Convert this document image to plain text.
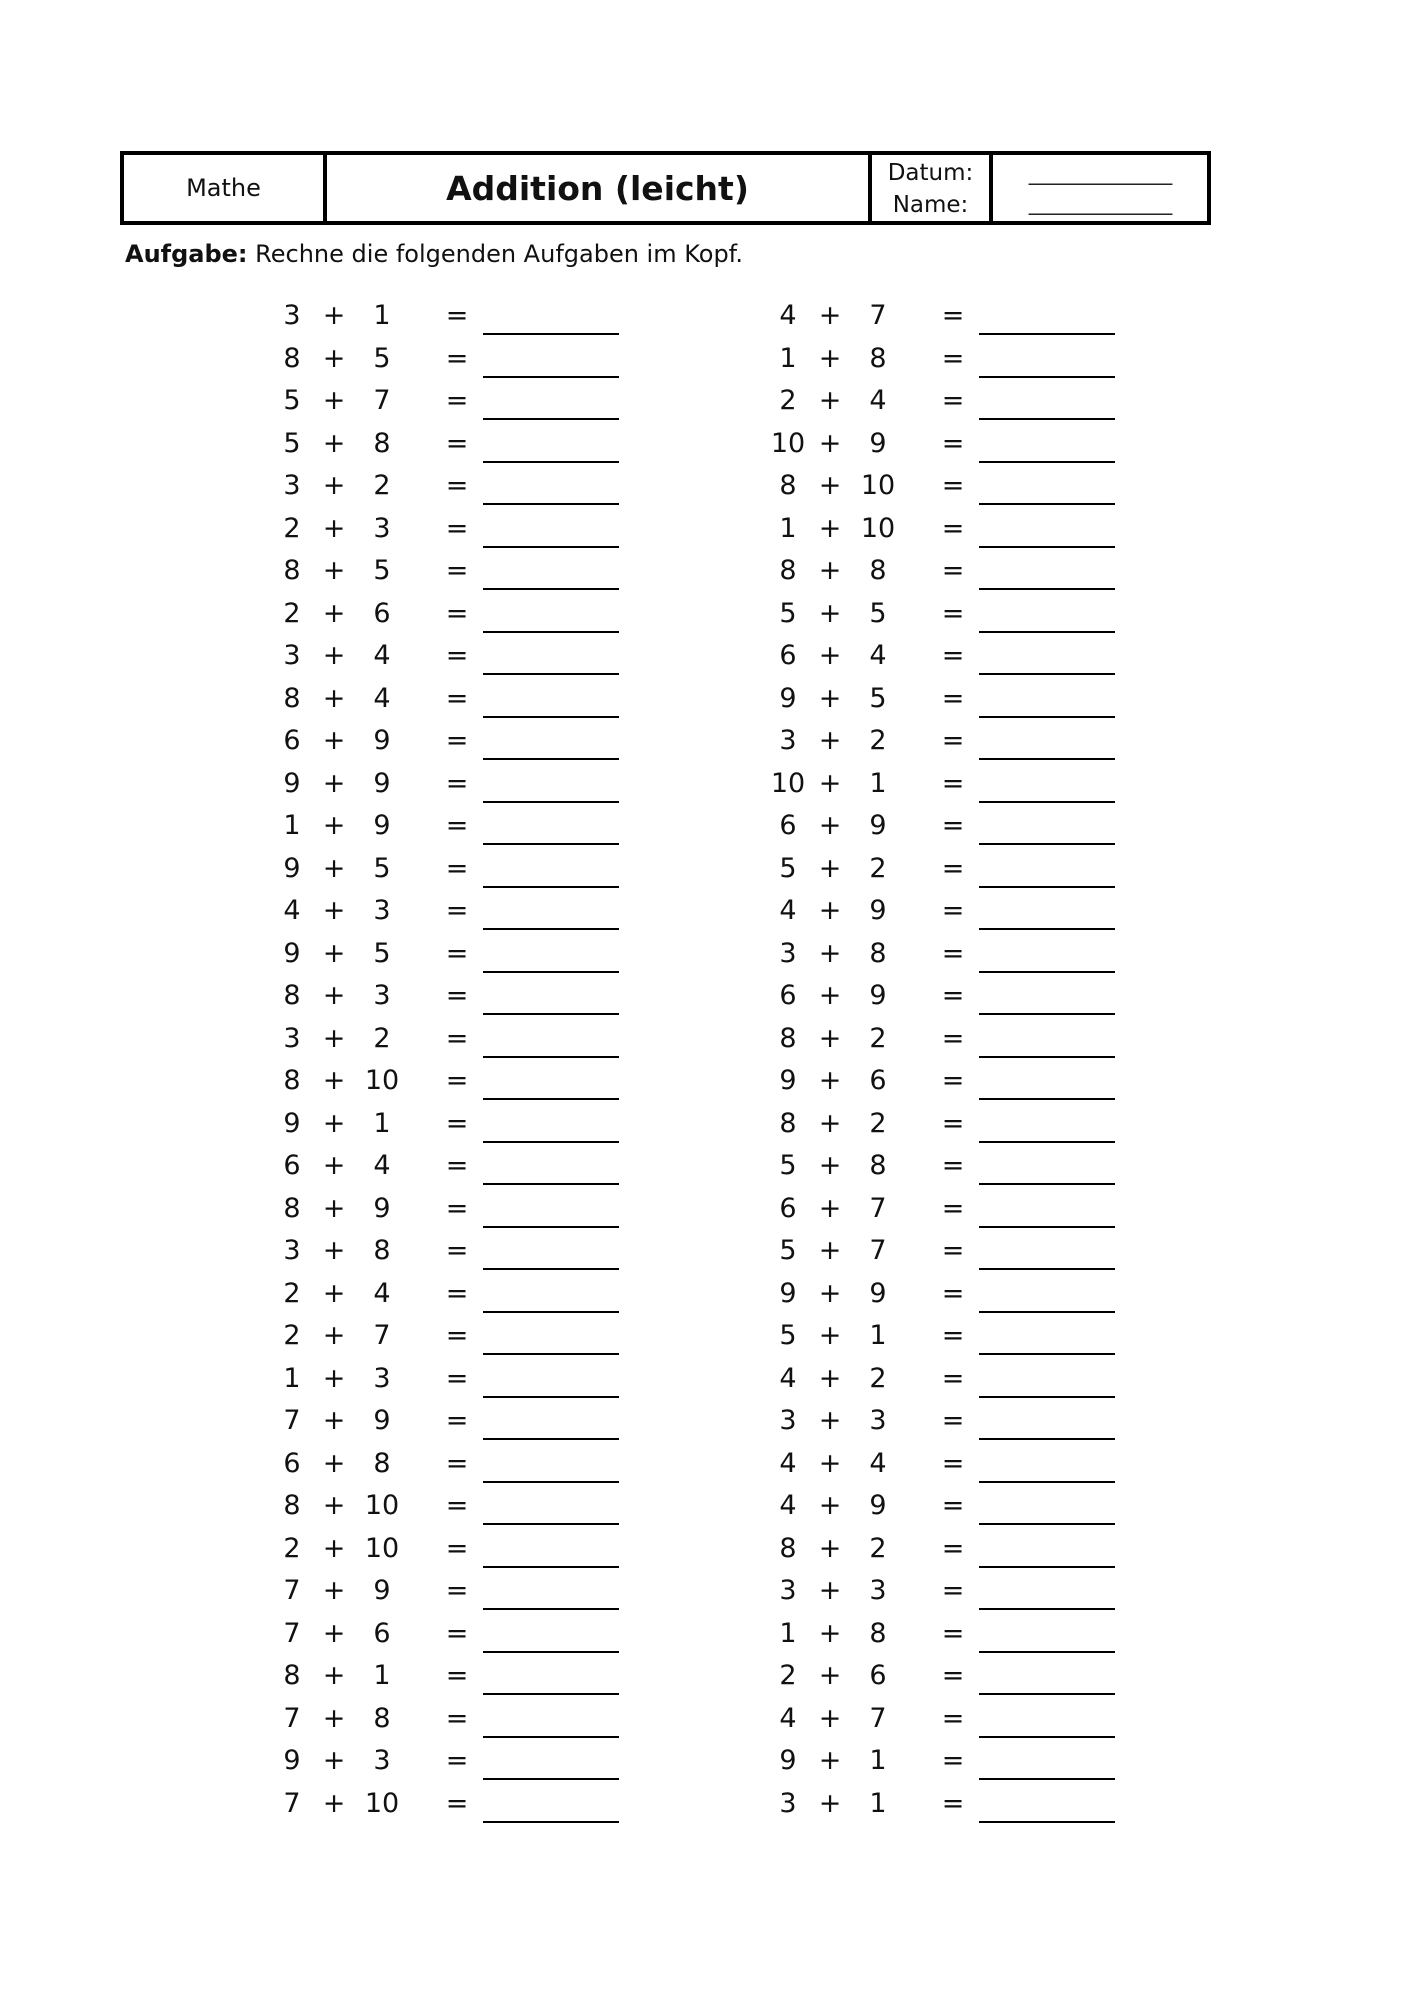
Mathe	Addition (leicht)	Datum:
Name:
_______________
_______________
Aufgabe: Rechne die folgenden Aufgaben im Kopf.
3 +	1	=
8 +	5	=
5 +	7	=
5 +	8	=
3 +	2	=
2 +	3	=
8 +	5	=
2 +	6	=
3 +	4	=
8 +	4	=
6 +	9	=
9 +	9	=
1 +	9	=
9 +	5	=
4 +	3	=
9 +	5	=
8 +	3	=
3 +	2	=
8 + 10	=
9 +	1	=
6 +	4	=
8 +	9	=
3 +	8	=
2 +	4	=
2 +	7	=
1 +	3	=
7 +	9	=
6 +	8	=
8 + 10	=
2 + 10	=
7 +	9	=
7 +	6	=
8 +	1	=
7 +	8	=
9 +	3	=
7 + 10	=
4 +	7	=
1 +	8	=
2 +	4	=
10 +	9	=
8 + 10	=
1 + 10	=
8 +	8	=
5 +	5	=
6 +	4	=
9 +	5	=
3 +	2	=
10 +	1	=
6 +	9	=
5 +	2	=
4 +	9	=
3 +	8	=
6 +	9	=
8 +	2	=
9 +	6	=
8 +	2	=
5 +	8	=
6 +	7	=
5 +	7	=
9 +	9	=
5 +	1	=
4 +	2	=
3 +	3	=
4 +	4	=
4 +	9	=
8 +	2	=
3 +	3	=
1 +	8	=
2 +	6	=
4 +	7	=
9 +	1	=
3 +	1	=
